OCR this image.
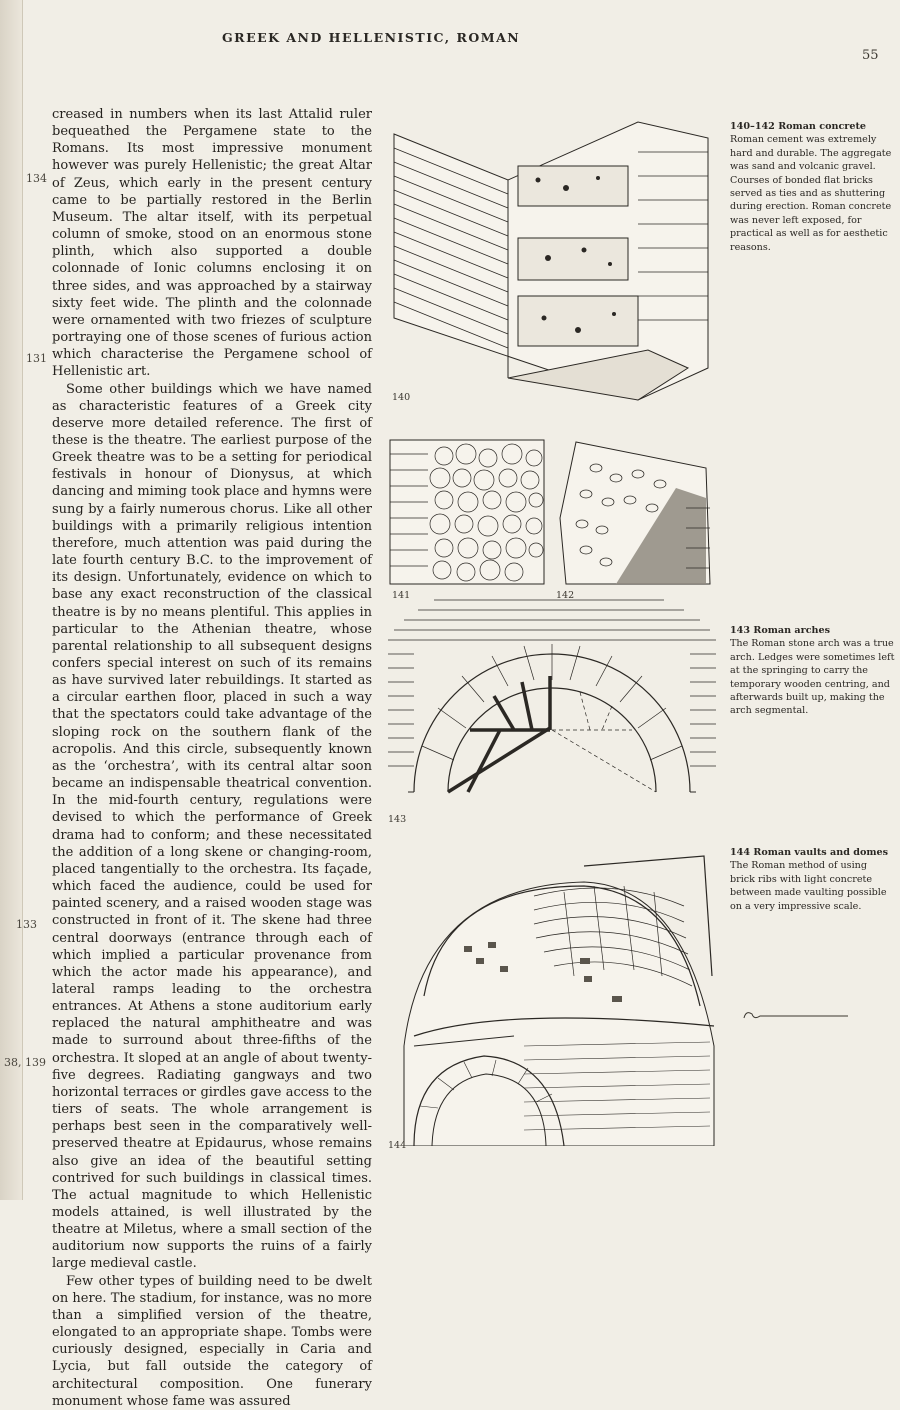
GREEK AND HELLENISTIC, ROMAN
55
134
131
133
38, 139

creased in numbers when its last Attalid ruler bequeathed the Pergamene state to the Romans. Its most impressive monument however was purely Hellenistic; the great Altar of Zeus, which early in the present century came to be partially restored in the Berlin Museum. The altar itself, with its perpetual column of smoke, stood on an enormous stone plinth, which also supported a double colonnade of Ionic columns enclosing it on three sides, and was approached by a stairway sixty feet wide. The plinth and the colonnade were ornamented with two friezes of sculpture portraying one of those scenes of furious action which characterise the Pergamene school of Hellenistic art.

Some other buildings which we have named as characteristic features of a Greek city deserve more detailed reference. The first of these is the theatre. The earliest purpose of the Greek theatre was to be a setting for periodical festivals in honour of Dionysus, at which dancing and miming took place and hymns were sung by a fairly numerous chorus. Like all other buildings with a primarily religious intention therefore, much attention was paid during the late fourth century B.C. to the improvement of its design. Unfortunately, evidence on which to base any exact reconstruction of the classical theatre is by no means plentiful. This applies in particular to the Athenian theatre, whose parental relationship to all subsequent designs confers special interest on such of its remains as have survived later rebuildings. It started as a circular earthen floor, placed in such a way that the spectators could take advantage of the sloping rock on the southern flank of the acropolis. And this circle, subsequently known as the ‘orchestra’, with its central altar soon became an indispensable theatrical convention. In the mid-fourth century, regulations were devised to which the performance of Greek drama had to conform; and these necessitated the addition of a long skene or changing-room, placed tangentially to the orchestra. Its façade, which faced the audience, could be used for painted scenery, and a raised wooden stage was constructed in front of it. The skene had three central doorways (entrance through each of which implied a particular provenance from which the actor made his appearance), and lateral ramps leading to the orchestra entrances. At Athens a stone auditorium early replaced the natural amphitheatre and was made to surround about three-fifths of the orchestra. It sloped at an angle of about twenty-five degrees. Radiating gangways and two horizontal terraces or girdles gave access to the tiers of seats. The whole arrangement is perhaps best seen in the comparatively well-preserved theatre at Epidaurus, whose remains also give an idea of the beautiful setting contrived for such buildings in classical times. The actual magnitude to which Hellenistic models attained, is well illustrated by the theatre at Miletus, where a small section of the auditorium now supports the ruins of a fairly large medieval castle.

Few other types of building need to be dwelt on here. The stadium, for instance, was no more than a simplified version of the theatre, elongated to an appropriate shape. Tombs were curiously designed, especially in Caria and Lycia, but fall outside the category of architectural composition. One funerary monument whose fame was assured

140
141	142
143
144
140–142 Roman concrete
Roman cement was extremely hard and durable. The aggregate was sand and volcanic gravel. Courses of bonded flat bricks served as ties and as shuttering during erection. Roman concrete was never left exposed, for practical as well as for aesthetic reasons.
143 Roman arches
The Roman stone arch was a true arch. Ledges were sometimes left at the springing to carry the temporary wooden centring, and afterwards built up, making the arch segmental.
144 Roman vaults and domes
The Roman method of using brick ribs with light concrete between made vaulting possible on a very impressive scale.
